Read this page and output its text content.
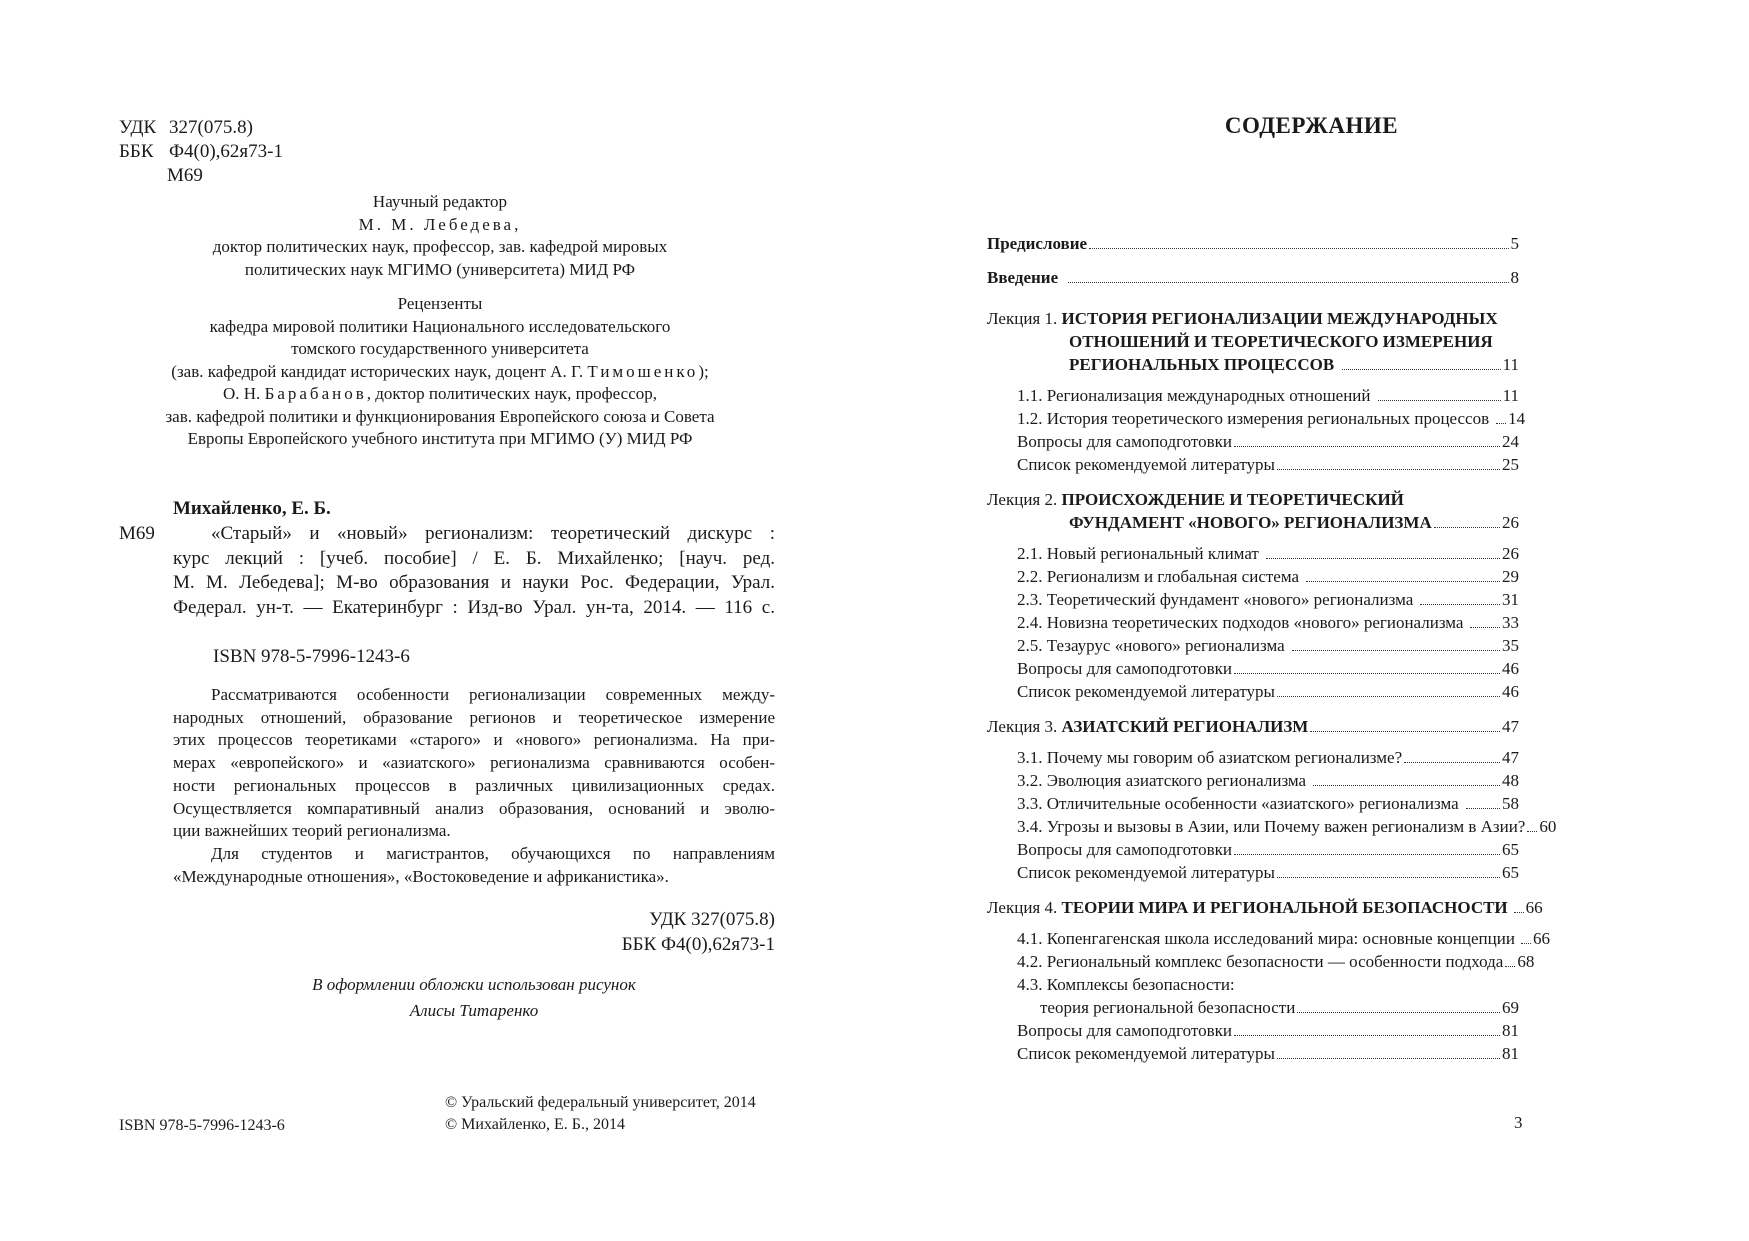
УДК 327(075.8)
ББК Ф4(0),62я73-1
М69
Научный редактор
М. М. Лебедева,
доктор политических наук, профессор, зав. кафедрой мировых
политических наук МГИМО (университета) МИД РФ
Рецензенты
кафедра мировой политики Национального исследовательского
томского государственного университета
(зав. кафедрой кандидат исторических наук, доцент А. Г. Тимошенко);
О. Н. Барабанов, доктор политических наук, профессор,
зав. кафедрой политики и функционирования Европейского союза и Совета
Европы Европейского учебного института при МГИМО (У) МИД РФ
Михайленко, Е. Б.
М69	«Старый» и «новый» регионализм: теоретический дискурс :
курс лекций : [учеб. пособие] / Е. Б. Михайленко; [науч. ред.
М. М. Лебедева]; М-во образования и науки Рос. Федерации, Урал.
Федерал. ун-т. — Екатеринбург : Изд-во Урал. ун-та, 2014. — 116 с.
ISBN 978-5-7996-1243-6
Рассматриваются особенности регионализации современных между-
народных отношений, образование регионов и теоретическое измерение
этих процессов теоретиками «старого» и «нового» регионализма. На при-
мерах «европейского» и «азиатского» регионализма сравниваются особен-
ности региональных процессов в различных цивилизационных средах.
Осуществляется компаративный анализ образования, оснований и эволю-
ции важнейших теорий регионализма.
Для студентов и магистрантов, обучающихся по направлениям
«Международные отношения», «Востоковедение и африканистика».
УДК 327(075.8)
ББК Ф4(0),62я73-1
В оформлении обложки использован рисунок
Алисы Титаренко
© Уральский федеральный университет, 2014
© Михайленко, Е. Б., 2014
ISBN 978-5-7996-1243-6
СОДЕРЖАНИЕ
Предисловие	5
Введение	8
Лекция 1. ИСТОРИЯ РЕГИОНАЛИЗАЦИИ МЕЖДУНАРОДНЫХ
ОТНОШЕНИЙ И ТЕОРЕТИЧЕСКОГО ИЗМЕРЕНИЯ
РЕГИОНАЛЬНЫХ ПРОЦЕССОВ	11
1.1. Регионализация международных отношений	11
1.2. История теоретического измерения региональных процессов 14
Вопросы для самоподготовки	24
Список рекомендуемой литературы	25
Лекция 2. ПРОИСХОЖДЕНИЕ И ТЕОРЕТИЧЕСКИЙ
ФУНДАМЕНТ «НОВОГО» РЕГИОНАЛИЗМА	26
2.1. Новый региональный климат	26
2.2. Регионализм и глобальная система	29
2.3. Теоретический фундамент «нового» регионализма	31
2.4. Новизна теоретических подходов «нового» регионализма 33
2.5. Тезаурус «нового» регионализма	35
Вопросы для самоподготовки	46
Список рекомендуемой литературы	46
Лекция 3. АЗИАТСКИЙ РЕГИОНАЛИЗМ	47
3.1. Почему мы говорим об азиатском регионализме?	47
3.2. Эволюция азиатского регионализма	48
3.3. Отличительные особенности «азиатского» регионализма	58
3.4. Угрозы и вызовы в Азии, или Почему важен регионализм в Азии? 60
Вопросы для самоподготовки	65
Список рекомендуемой литературы	65
Лекция 4. ТЕОРИИ МИРА И РЕГИОНАЛЬНОЙ БЕЗОПАСНОСТИ 66
4.1. Копенгагенская школа исследований мира: основные концепции 66
4.2. Региональный комплекс безопасности — особенности подхода 68
4.3. Комплексы безопасности:
теория региональной безопасности	69
Вопросы для самоподготовки	81
Список рекомендуемой литературы	81
3
